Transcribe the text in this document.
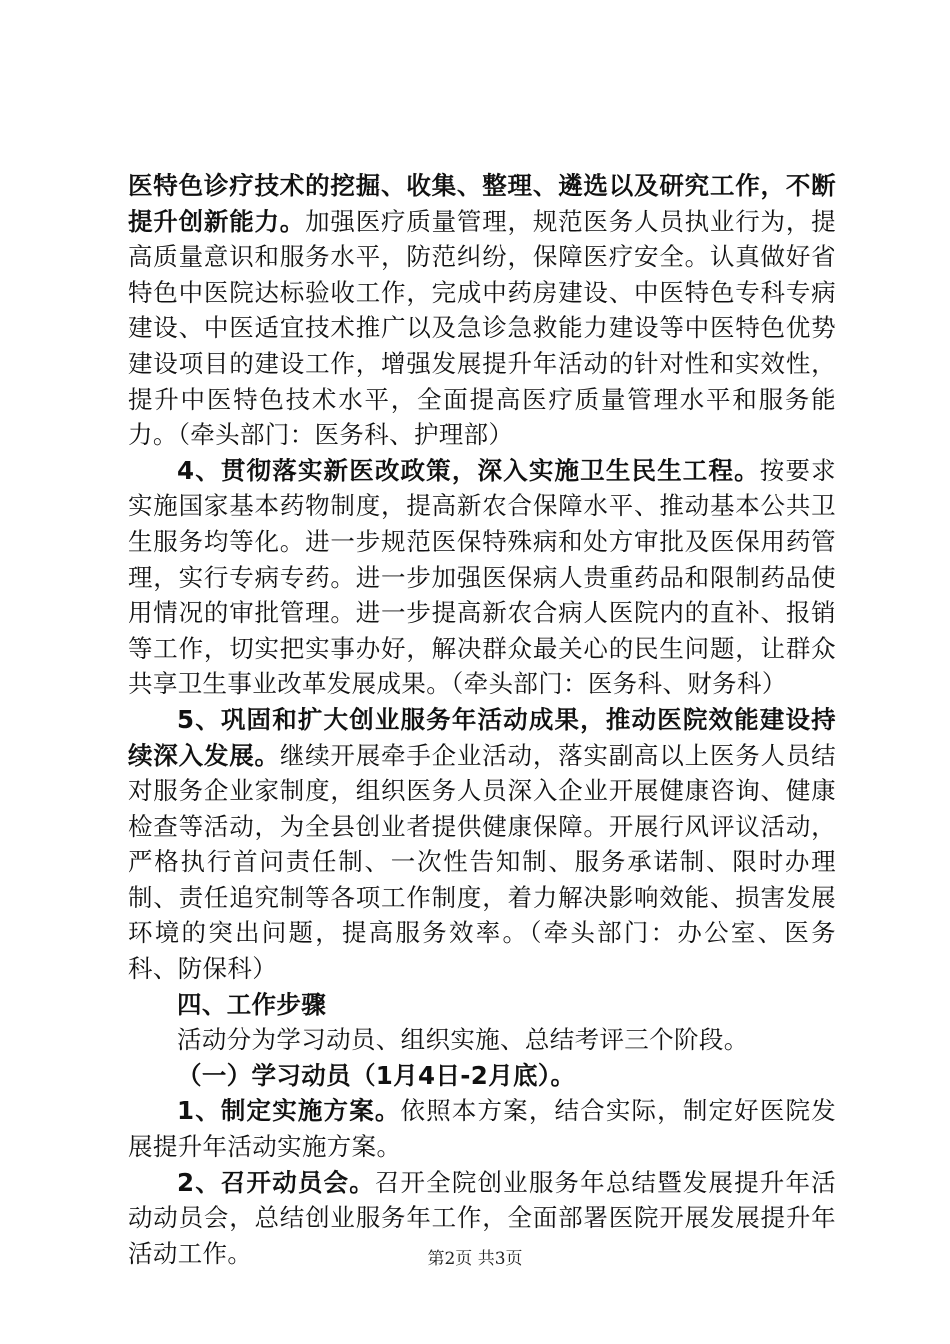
医特色诊疗技术的挖掘、收集、整理、遴选以及研究工作，不断提升创新能力。加强医疗质量管理，规范医务人员执业行为，提高质量意识和服务水平，防范纠纷，保障医疗安全。认真做好省特色中医院达标验收工作，完成中药房建设、中医特色专科专病建设、中医适宜技术推广以及急诊急救能力建设等中医特色优势建设项目的建设工作，增强发展提升年活动的针对性和实效性，提升中医特色技术水平，全面提高医疗质量管理水平和服务能力。（牵头部门：医务科、护理部）

4、贯彻落实新医改政策，深入实施卫生民生工程。按要求实施国家基本药物制度，提高新农合保障水平、推动基本公共卫生服务均等化。进一步规范医保特殊病和处方审批及医保用药管理，实行专病专药。进一步加强医保病人贵重药品和限制药品使用情况的审批管理。进一步提高新农合病人医院内的直补、报销等工作，切实把实事办好，解决群众最关心的民生问题，让群众共享卫生事业改革发展成果。（牵头部门：医务科、财务科）

5、巩固和扩大创业服务年活动成果，推动医院效能建设持续深入发展。继续开展牵手企业活动，落实副高以上医务人员结对服务企业家制度，组织医务人员深入企业开展健康咨询、健康检查等活动，为全县创业者提供健康保障。开展行风评议活动，严格执行首问责任制、一次性告知制、服务承诺制、限时办理制、责任追究制等各项工作制度，着力解决影响效能、损害发展环境的突出问题，提高服务效率。（牵头部门：办公室、医务科、防保科）

四、工作步骤

活动分为学习动员、组织实施、总结考评三个阶段。

（一）学习动员（1月4日-2月底）。

1、制定实施方案。依照本方案，结合实际，制定好医院发展提升年活动实施方案。

2、召开动员会。召开全院创业服务年总结暨发展提升年活动动员会，总结创业服务年工作，全面部署医院开展发展提升年活动工作。	第2页 共3页
